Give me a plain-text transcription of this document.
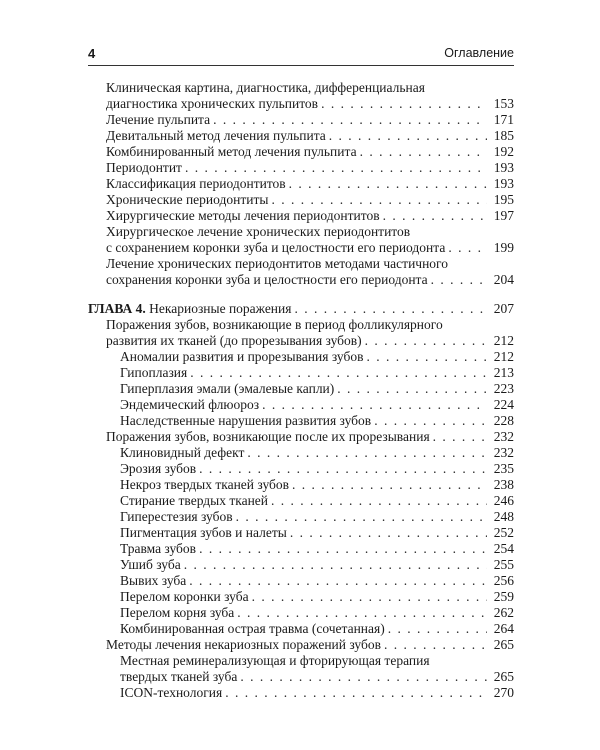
4	Оглавление
Клиническая картина, диагностика, дифференциальная
диагностика хронических пульпитов . . .	153
Лечение пульпита . . .	171
Девитальный метод лечения пульпита . . .	185
Комбинированный метод лечения пульпита . . .	192
Периодонтит . . .	193
Классификация периодонтитов . . .	193
Хронические периодонтиты . . .	195
Хирургические методы лечения периодонтитов . . .	197
Хирургическое лечение хронических периодонтитов
с сохранением коронки зуба и целостности его периодонта . . .	199
Лечение хронических периодонтитов методами частичного
сохранения коронки зуба и целостности его периодонта . . .	204
ГЛАВА 4. Некариозные поражения . . .	207
Поражения зубов, возникающие в период фолликулярного
развития их тканей (до прорезывания зубов) . . .	212
Аномалии развития и прорезывания зубов . . .	212
Гипоплазия . . .	213
Гиперплазия эмали (эмалевые капли) . . .	223
Эндемический флюороз . . .	224
Наследственные нарушения развития зубов . . .	228
Поражения зубов, возникающие после их прорезывания . . .	232
Клиновидный дефект . . .	232
Эрозия зубов . . .	235
Некроз твердых тканей зубов . . .	238
Стирание твердых тканей . . .	246
Гиперестезия зубов . . .	248
Пигментация зубов и налеты . . .	252
Травма зубов . . .	254
Ушиб зуба . . .	255
Вывих зуба . . .	256
Перелом коронки зуба . . .	259
Перелом корня зуба . . .	262
Комбинированная острая травма (сочетанная) . . .	264
Методы лечения некариозных поражений зубов . . .	265
Местная реминерализующая и фторирующая терапия
твердых тканей зуба . . .	265
ICON-технология . . .	270
